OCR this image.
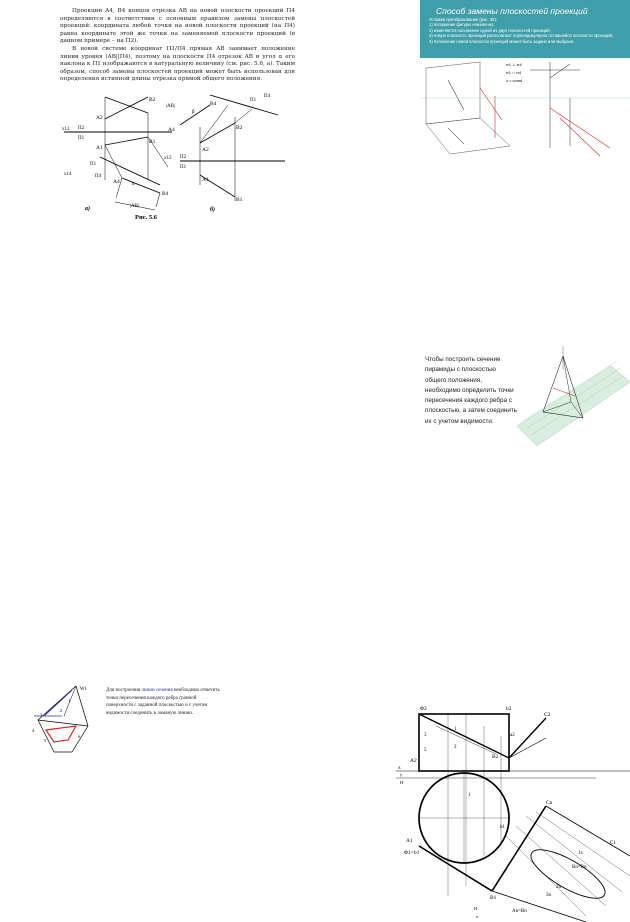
Проекции A4, B4 концов отрезка AB на новой плоскости проекций П4 определяются в соответствии с основным правилом замены плоскостей проекций: координата любой точки на новой плоскости проекций (на П4) равна координате этой же точки на заменяемой плоскости проекций (в данном примере – на П2).

В новой системе координат П1/П4 прямая AB занимает положение линии уровня (AB||П4), поэтому на плоскости П4 отрезок AB и угол α его наклона к П1 изображаются в натуральную величину (см. рис. 5.6, а). Таким образом, способ замены плоскостей проекций может быть использован для определения истинной длины отрезка прямой общего положения.

B2
A2
x12 П2
П1
A1
B1
П1
П4
x14
A4
|AB|
B4
α
|AB|	B4
β
A4	B2
A2
x12 П2
П1
A1
B1
П1
П4
а)	б)
Рис. 5.6
Способ замены плоскостей проекций
Условия преобразования (рис. 39):
1) положение фигуры неизменно;
2) изменяется положение одной из двух плоскостей проекций;
3) новую плоскость проекций располагают перпендикулярно оставшейся плоскости проекций;
4) положение новой плоскости проекций может быть задано или выбрано.
π1 ⊥ π4
π1 ∩ π4
z = const
Чтобы построить сечение пирамиды с плоскостью общего положения, необходимо определить точки пересечения каждого ребра с плоскостью, а затем соединить их с учетом видимости.
W1
1
2
3
4
5
6
Для построения линии сечения необходимо отметить точки пересечения каждого ребра гранной поверхности с заданной плоскостью и с учетом видимости соединить в ломаную линию.
Φ2	b2
C2
a2
1
2
3
5
A2
B2
x
y
H
1
Cn
b1
A1
Φ1=b1
B1
1x
C1
Bn=Bn
2n
3n
An=Bn
H
x
